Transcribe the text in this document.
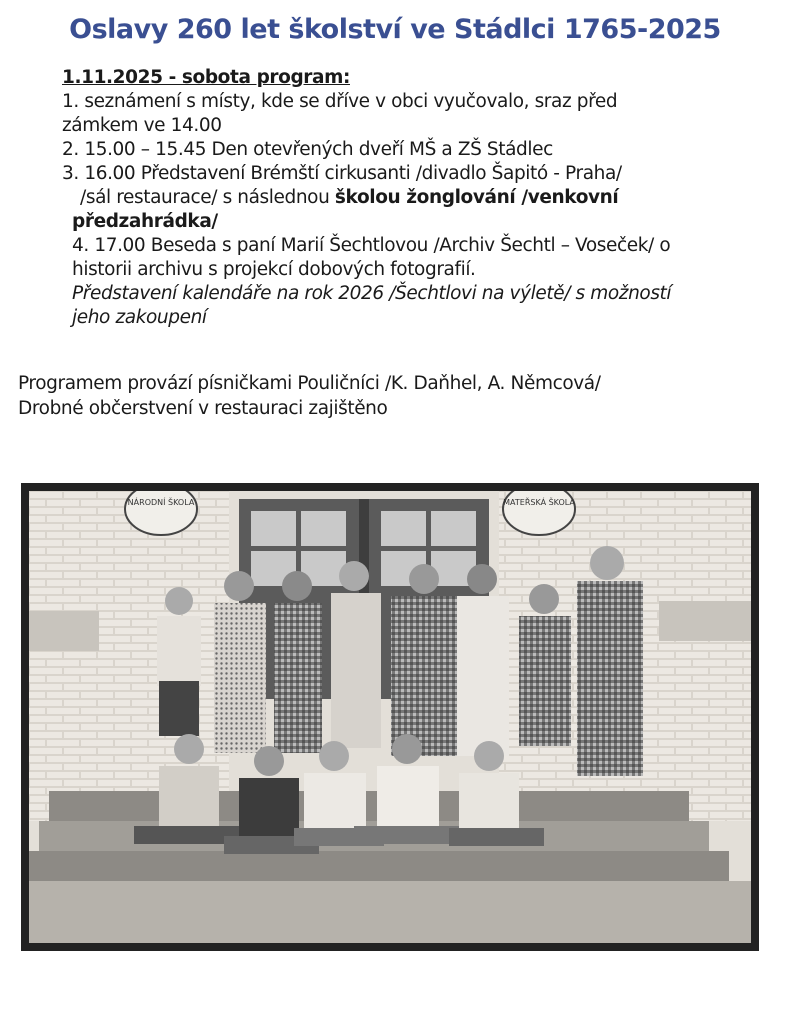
Oslavy 260 let školství ve Stádlci 1765-2025
1.11.2025 - sobota program:
1. seznámení s místy, kde se dříve v obci vyučovalo, sraz před
zámkem ve 14.00
2. 15.00 – 15.45 Den otevřených dveří MŠ a ZŠ Stádlec
3. 16.00 Představení Brémští cirkusanti /divadlo Šapitó - Praha/
/sál restaurace/ s následnou školou žonglování /venkovní
předzahrádka/
4. 17.00 Beseda s paní Marií Šechtlovou /Archiv Šechtl – Voseček/ o
historii archivu s projekcí dobových fotografií.
Představení kalendáře na rok 2026 /Šechtlovi na výletě/ s možností
jeho zakoupení
Programem provází písničkami Pouličníci /K. Daňhel, A. Němcová/
Drobné občerstvení v restauraci zajištěno
NÁRODNÍ ŠKOLA	MATEŘSKÁ ŠKOLA
